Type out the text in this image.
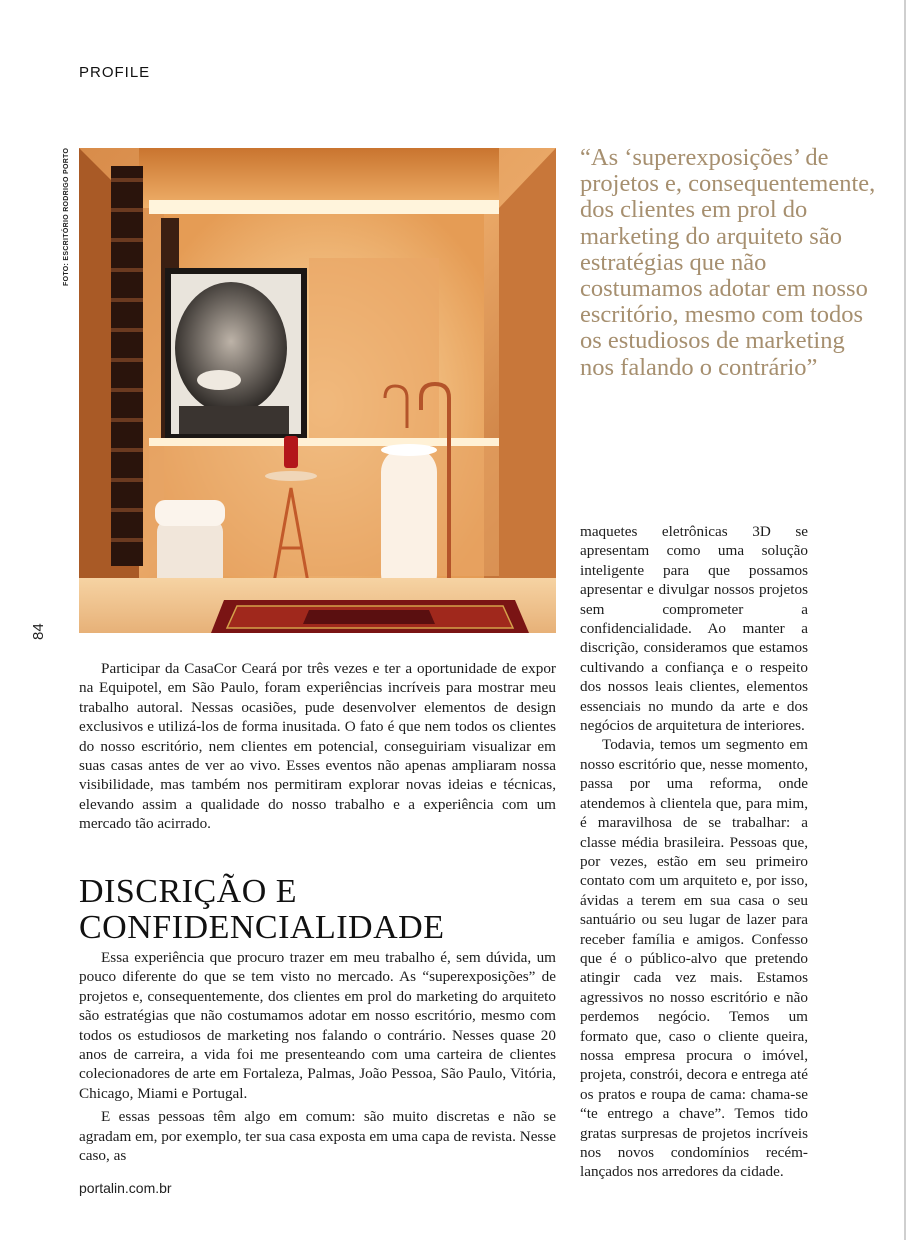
PROFILE
FOTO: ESCRITÓRIO RODRIGO PORTO
84
“As ‘superexposições’ de projetos e, consequentemente, dos clientes em prol do marketing do arquiteto são estratégias que não costumamos adotar em nosso escritório, mesmo com todos os estudiosos de marketing nos falando o contrário”

Participar da CasaCor Ceará por três vezes e ter a oportunidade de expor na Equipotel, em São Paulo, foram experiências incríveis para mostrar meu trabalho autoral. Nessas ocasiões, pude desenvolver elementos de design exclusivos e utilizá-los de forma inusitada. O fato é que nem todos os clientes do nosso escritório, nem clientes em potencial, conseguiriam visualizar em suas casas antes de ver ao vivo. Esses eventos não apenas ampliaram nossa visibilidade, mas também nos permitiram explorar novas ideias e técnicas, elevando assim a qualidade do nosso trabalho e a experiência com um mercado tão acirrado.

DISCRIÇÃO E CONFIDENCIALIDADE

Essa experiência que procuro trazer em meu trabalho é, sem dúvida, um pouco diferente do que se tem visto no mercado. As “superexposições” de projetos e, consequentemente, dos clientes em prol do marketing do arquiteto são estratégias que não costumamos adotar em nosso escritório, mesmo com todos os estudiosos de marketing nos falando o contrário. Nesses quase 20 anos de carreira, a vida foi me presenteando com uma carteira de clientes colecionadores de arte em Fortaleza, Palmas, João Pessoa, São Paulo, Vitória, Chicago, Miami e Portugal.

E essas pessoas têm algo em comum: são muito discretas e não se agradam em, por exemplo, ter sua casa exposta em uma capa de revista. Nesse caso, as

maquetes eletrônicas 3D se apresentam como uma solução inteligente para que possamos apresentar e divulgar nossos projetos sem comprometer a confidencialidade. Ao manter a discrição, consideramos que estamos cultivando a confiança e o respeito dos nossos leais clientes, elementos essenciais no mundo da arte e dos negócios de arquitetura de interiores.

Todavia, temos um segmento em nosso escritório que, nesse momento, passa por uma reforma, onde atendemos à clientela que, para mim, é maravilhosa de se trabalhar: a classe média brasileira. Pessoas que, por vezes, estão em seu primeiro contato com um arquiteto e, por isso, ávidas a terem em sua casa o seu santuário ou seu lugar de lazer para receber família e amigos. Confesso que é o público-alvo que pretendo atingir cada vez mais. Estamos agressivos no nosso escritório e não perdemos negócio. Temos um formato que, caso o cliente queira, nossa empresa procura o imóvel, projeta, constrói, decora e entrega até os pratos e roupa de cama: chama-se “te entrego a chave”. Temos tido gratas surpresas de projetos incríveis nos novos condomínios recém-lançados nos arredores da cidade.

portalin.com.br
